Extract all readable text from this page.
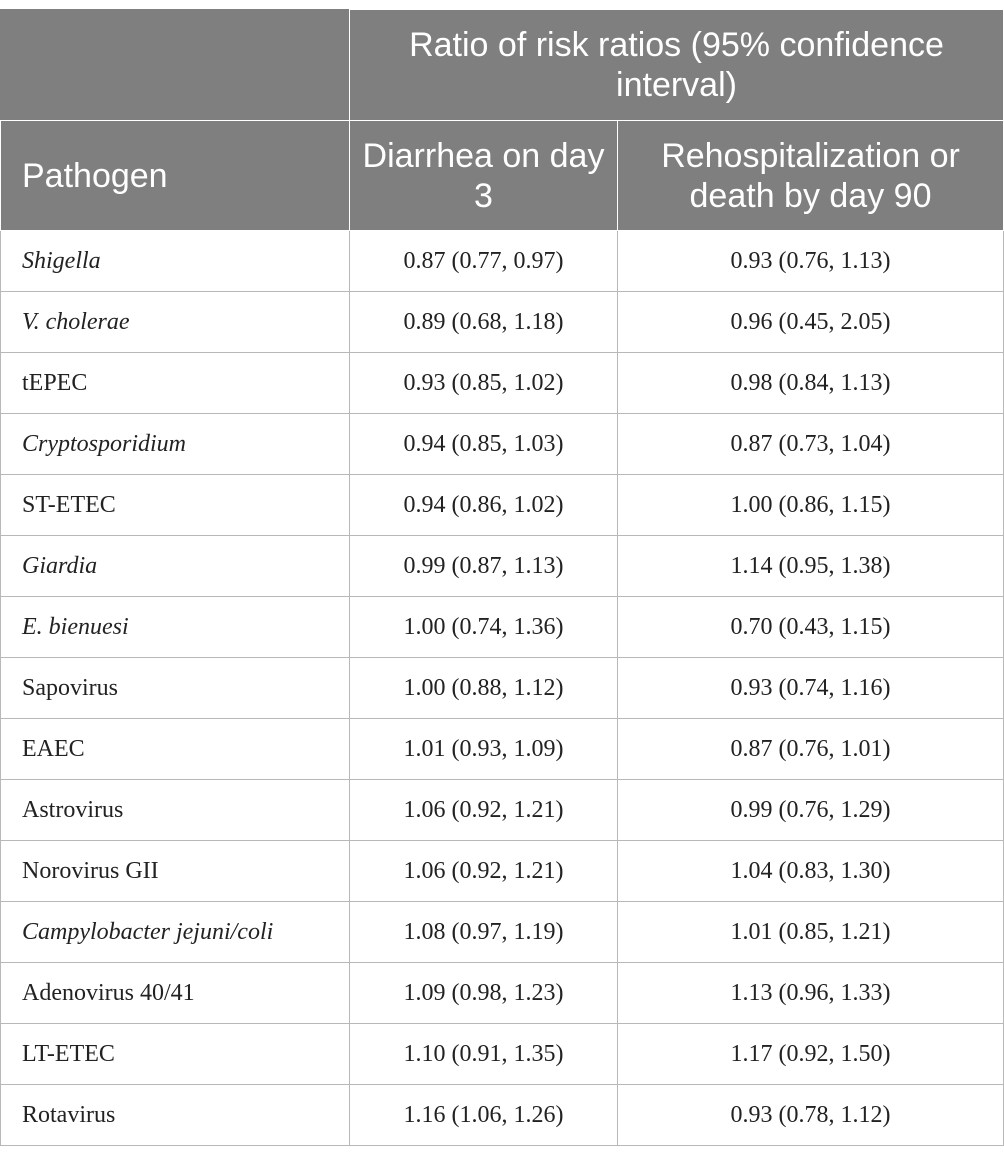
	Ratio of risk ratios (95% confidence interval)	
Pathogen	Diarrhea on day 3	Rehospitalization or death by day 90
Shigella	0.87 (0.77, 0.97)	0.93 (0.76, 1.13)
V. cholerae	0.89 (0.68, 1.18)	0.96 (0.45, 2.05)
tEPEC	0.93 (0.85, 1.02)	0.98 (0.84, 1.13)
Cryptosporidium	0.94 (0.85, 1.03)	0.87 (0.73, 1.04)
ST-ETEC	0.94 (0.86, 1.02)	1.00 (0.86, 1.15)
Giardia	0.99 (0.87, 1.13)	1.14 (0.95, 1.38)
E. bienuesi	1.00 (0.74, 1.36)	0.70 (0.43, 1.15)
Sapovirus	1.00 (0.88, 1.12)	0.93 (0.74, 1.16)
EAEC	1.01 (0.93, 1.09)	0.87 (0.76, 1.01)
Astrovirus	1.06 (0.92, 1.21)	0.99 (0.76, 1.29)
Norovirus GII	1.06 (0.92, 1.21)	1.04 (0.83, 1.30)
Campylobacter jejuni/coli	1.08 (0.97, 1.19)	1.01 (0.85, 1.21)
Adenovirus 40/41	1.09 (0.98, 1.23)	1.13 (0.96, 1.33)
LT-ETEC	1.10 (0.91, 1.35)	1.17 (0.92, 1.50)
Rotavirus	1.16 (1.06, 1.26)	0.93 (0.78, 1.12)
